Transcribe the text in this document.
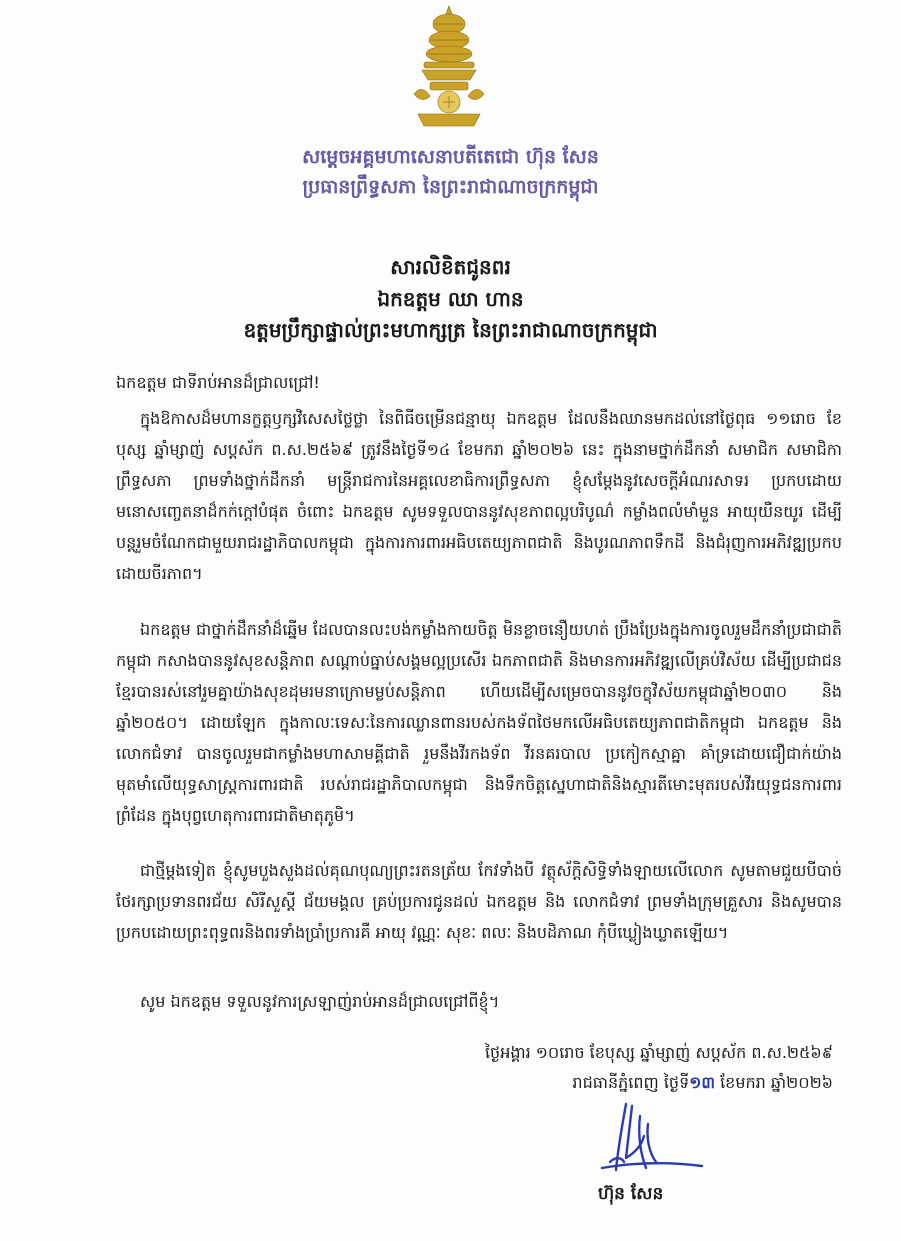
សម្ដេចអគ្គមហាសេនាបតីតេជោ ហ៊ុន សែន
ប្រធានព្រឹទ្ធសភា នៃព្រះរាជាណាចក្រកម្ពុជា
សារលិខិតជូនពរ
ឯកឧត្តម ឈា ហាន
ឧត្តមប្រឹក្សាផ្ទាល់ព្រះមហាក្សត្រ នៃព្រះរាជាណាចក្រកម្ពុជា
ឯកឧត្តម ជាទីរាប់អានដ៏ជ្រាលជ្រៅ!

ក្នុងឱកាសដ៏មហានក្ខត្តឫក្សវិសេសថ្លៃថ្លា នៃពិធីចម្រើនជន្មាយុ ឯកឧត្តម ដែលនឹងឈានមកដល់នៅថ្ងៃពុធ ១១រោច ខែបុស្ស ឆ្នាំម្សាញ់ សប្តស័ក ព.ស.២៥៦៩ ត្រូវនឹងថ្ងៃទី១៤ ខែមករា ឆ្នាំ២០២៦ នេះ ក្នុងនាមថ្នាក់ដឹកនាំ សមាជិក សមាជិកាព្រឹទ្ធសភា ព្រមទាំងថ្នាក់ដឹកនាំ មន្ត្រីរាជការនៃអគ្គលេខាធិការព្រឹទ្ធសភា ខ្ញុំសម្តែងនូវសេចក្តីអំណរសាទរ ប្រកបដោយមនោសញ្ចេតនាដ៏កក់ក្តៅបំផុត ចំពោះ ឯកឧត្តម សូមទទួលបាននូវសុខភាពល្អបរិបូណ៌ កម្លាំងពលំមាំមួន អាយុយឺនយូរ ដើម្បីបន្តរួមចំណែកជាមួយរាជរដ្ឋាភិបាលកម្ពុជា ក្នុងការការពារអធិបតេយ្យភាពជាតិ និងបូរណភាពទឹកដី និងជំរុញការអភិវឌ្ឍប្រកបដោយចីរភាព។

ឯកឧត្តម ជាថ្នាក់ដឹកនាំដ៏ឆ្នើម ដែលបានលះបង់កម្លាំងកាយចិត្ត មិនខ្លាចនឿយហត់ ប្រឹងប្រែងក្នុងការចូលរួមដឹកនាំប្រជាជាតិកម្ពុជា កសាងបាននូវសុខសន្តិភាព សណ្តាប់ធ្នាប់សង្គមល្អប្រសើរ ឯកភាពជាតិ និងមានការអភិវឌ្ឍលើគ្រប់វិស័យ ដើម្បីប្រជាជនខ្មែរបានរស់នៅរួមគ្នាយ៉ាងសុខដុមរមនាក្រោមម្លប់សន្តិភាព ហើយដើម្បីសម្រេចបាននូវចក្ខុវិស័យកម្ពុជាឆ្នាំ២០៣០ និងឆ្នាំ២០៥០។ ដោយឡែក ក្នុងកាលៈទេសៈនៃការឈ្លានពានរបស់កងទ័ពថៃមកលើអធិបតេយ្យភាពជាតិកម្ពុជា ឯកឧត្តម និង លោកជំទាវ បានចូលរួមជាកម្លាំងមហាសាមគ្គីជាតិ រួមនឹងវីរកងទ័ព វីរនគរបាល ប្រកៀកស្មាគ្នា គាំទ្រដោយជឿជាក់យ៉ាងមុតមាំលើយុទ្ធសាស្ត្រការពារជាតិ របស់រាជរដ្ឋាភិបាលកម្ពុជា និងទឹកចិត្តស្នេហាជាតិនិងស្មារតីមោះមុតរបស់វីរយុទ្ធជនការពារព្រំដែន ក្នុងបុព្វហេតុការពារជាតិមាតុភូមិ។

ជាថ្មីម្តងទៀត ខ្ញុំសូមបួងសួងដល់គុណបុណ្យព្រះរតនត្រ័យ កែវទាំងបី វត្ថុស័ក្តិសិទ្ធិទាំងឡាយលើលោក សូមតាមជួយបីបាច់ថែរក្សាប្រទានពរជ័យ សិរីសួស្តី ជ័យមង្គល គ្រប់ប្រការជូនដល់ ឯកឧត្តម និង លោកជំទាវ ព្រមទាំងក្រុមគ្រួសារ និងសូមបានប្រកបដោយព្រះពុទ្ធពរនិងពរទាំងប្រាំប្រការគឺ អាយុ វណ្ណៈ សុខៈ ពលៈ និងបដិភាណ កុំបីឃ្លៀងឃ្លាតឡើយ។

សូម ឯកឧត្តម ទទួលនូវការស្រឡាញ់រាប់អានដ៏ជ្រាលជ្រៅពីខ្ញុំ។
ថ្ងៃអង្គារ ១០រោច ខែបុស្ស ឆ្នាំម្សាញ់ សប្តស័ក ព.ស.២៥៦៩
រាជធានីភ្នំពេញ ថ្ងៃទី១៣ ខែមករា ឆ្នាំ២០២៦
ហ៊ុន សែន
